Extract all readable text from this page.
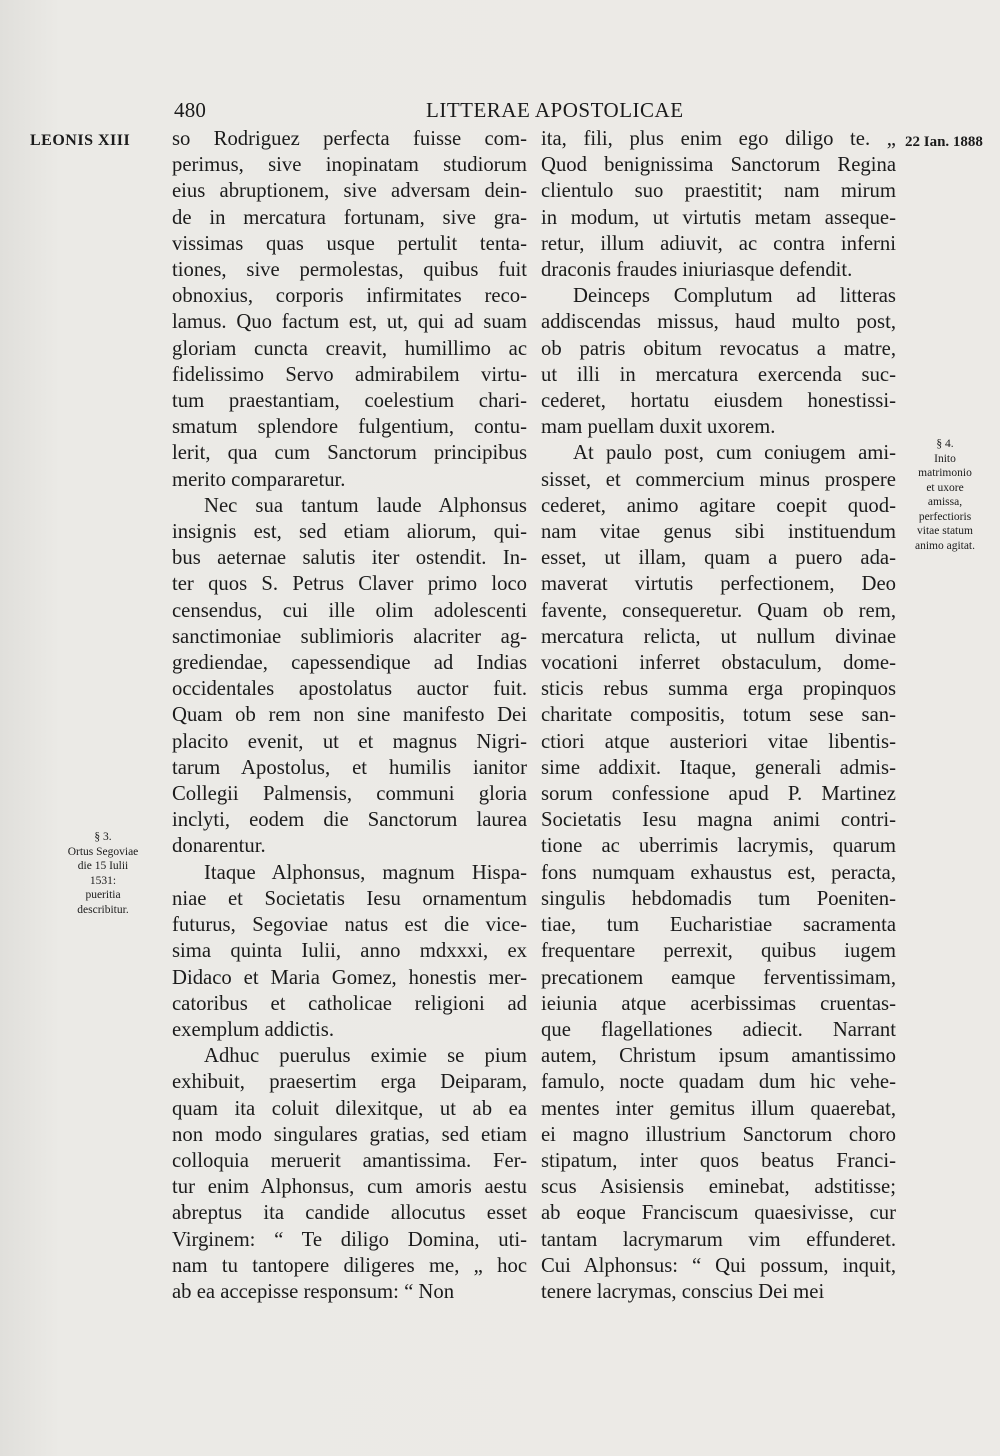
480	LITTERAE APOSTOLICAE
LEONIS XIII	22 Ian. 1888

so Rodriguez perfecta fuisse com-
perimus, sive inopinatam studiorum
eius abruptionem, sive adversam dein-
de in mercatura fortunam, sive gra-
vissimas quas usque pertulit tenta-
tiones, sive permolestas, quibus fuit
obnoxius, corporis infirmitates reco-
lamus. Quo factum est, ut, qui ad suam
gloriam cuncta creavit, humillimo ac
fidelissimo Servo admirabilem virtu-
tum praestantiam, coelestium chari-
smatum splendore fulgentium, contu-
lerit, qua cum Sanctorum principibus
merito compararetur.

Nec sua tantum laude Alphonsus
insignis est, sed etiam aliorum, qui-
bus aeternae salutis iter ostendit. In-
ter quos S. Petrus Claver primo loco
censendus, cui ille olim adolescenti
sanctimoniae sublimioris alacriter ag-
grediendae, capessendique ad Indias
occidentales apostolatus auctor fuit.
Quam ob rem non sine manifesto Dei
placito evenit, ut et magnus Nigri-
tarum Apostolus, et humilis ianitor
Collegii Palmensis, communi gloria
inclyti, eodem die Sanctorum laurea
donarentur.

Itaque Alphonsus, magnum Hispa-
niae et Societatis Iesu ornamentum
futurus, Segoviae natus est die vice-
sima quinta Iulii, anno mdxxxi, ex
Didaco et Maria Gomez, honestis mer-
catoribus et catholicae religioni ad
exemplum addictis.

Adhuc puerulus eximie se pium
exhibuit, praesertim erga Deiparam,
quam ita coluit dilexitque, ut ab ea
non modo singulares gratias, sed etiam
colloquia meruerit amantissima. Fer-
tur enim Alphonsus, cum amoris aestu
abreptus ita candide allocutus esset
Virginem: “ Te diligo Domina, uti-
nam tu tantopere diligeres me, „ hoc
ab ea accepisse responsum: “ Non

ita, fili, plus enim ego diligo te. „
Quod benignissima Sanctorum Regina
clientulo suo praestitit; nam mirum
in modum, ut virtutis metam asseque-
retur, illum adiuvit, ac contra inferni
draconis fraudes iniuriasque defendit.

Deinceps Complutum ad litteras
addiscendas missus, haud multo post,
ob patris obitum revocatus a matre,
ut illi in mercatura exercenda suc-
cederet, hortatu eiusdem honestissi-
mam puellam duxit uxorem.

At paulo post, cum coniugem ami-
sisset, et commercium minus prospere
cederet, animo agitare coepit quod-
nam vitae genus sibi instituendum
esset, ut illam, quam a puero ada-
maverat virtutis perfectionem, Deo
favente, consequeretur. Quam ob rem,
mercatura relicta, ut nullum divinae
vocationi inferret obstaculum, dome-
sticis rebus summa erga propinquos
charitate compositis, totum sese san-
ctiori atque austeriori vitae libentis-
sime addixit. Itaque, generali admis-
sorum confessione apud P. Martinez
Societatis Iesu magna animi contri-
tione ac uberrimis lacrymis, quarum
fons numquam exhaustus est, peracta,
singulis hebdomadis tum Poeniten-
tiae, tum Eucharistiae sacramenta
frequentare perrexit, quibus iugem
precationem eamque ferventissimam,
ieiunia atque acerbissimas cruentas-
que flagellationes adiecit. Narrant
autem, Christum ipsum amantissimo
famulo, nocte quadam dum hic vehe-
mentes inter gemitus illum quaerebat,
ei magno illustrium Sanctorum choro
stipatum, inter quos beatus Franci-
scus Asisiensis eminebat, adstitisse;
ab eoque Franciscum quaesivisse, cur
tantam lacrymarum vim effunderet.
Cui Alphonsus: “ Qui possum, inquit,
tenere lacrymas, conscius Dei mei

§ 3.
Ortus Segoviae
die 15 Iulii
1531:
pueritia
describitur.
§ 4.
Inito
matrimonio
et uxore
amissa,
perfectioris
vitae statum
animo agitat.
